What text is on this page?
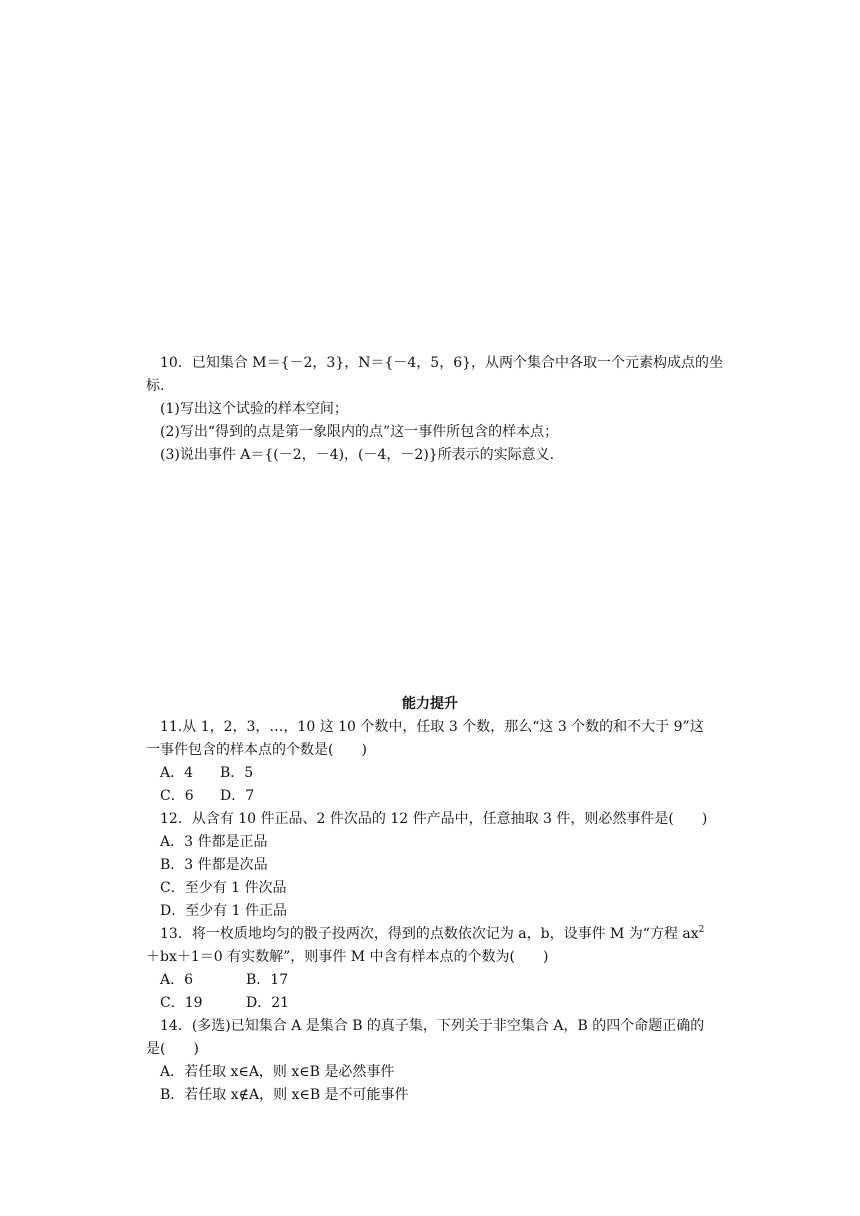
10．已知集合 M＝{－2，3}，N＝{－4，5，6}，从两个集合中各取一个元素构成点的坐
标.
(1)写出这个试验的样本空间；
(2)写出“得到的点是第一象限内的点”这一事件所包含的样本点；
(3)说出事件 A＝{(－2，－4)，(－4，－2)}所表示的实际意义.
能力提升
11.从 1，2，3，…，10 这 10 个数中，任取 3 个数，那么“这 3 个数的和不大于 9”这
一事件包含的样本点的个数是(　　)
A．4 B．5
C．6 D．7
12．从含有 10 件正品、2 件次品的 12 件产品中，任意抽取 3 件，则必然事件是(　　)
A．3 件都是正品
B．3 件都是次品
C．至少有 1 件次品
D．至少有 1 件正品
13．将一枚质地均匀的骰子投两次，得到的点数依次记为 a，b，设事件 M 为“方程 $ax^2$
＋bx＋1＝0 有实数解”，则事件 M 中含有样本点的个数为(　　)
A．6	B．17
C．19	D．21
14．(多选)已知集合 A 是集合 B 的真子集，下列关于非空集合 A，B 的四个命题正确的
是(　　)
A．若任取 x∈A，则 x∈B 是必然事件
B．若任取 x∉A，则 x∈B 是不可能事件
